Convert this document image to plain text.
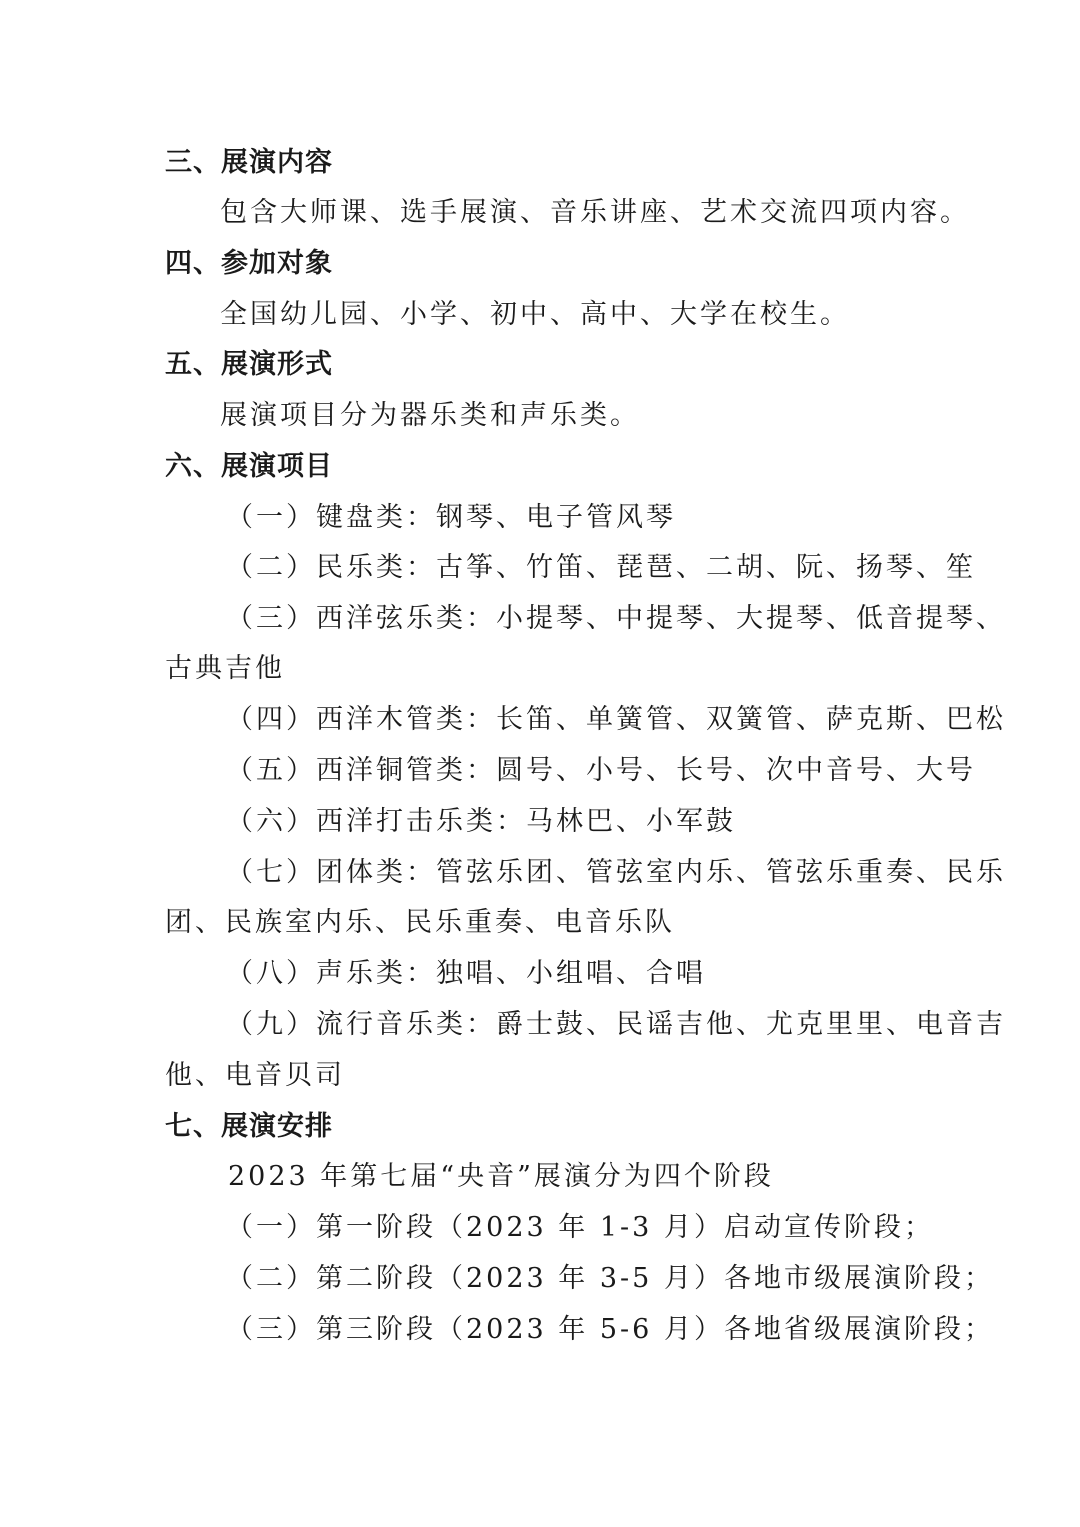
三、展演内容
包含大师课、选手展演、音乐讲座、艺术交流四项内容。
四、参加对象
全国幼儿园、小学、初中、高中、大学在校生。
五、展演形式
展演项目分为器乐类和声乐类。
六、展演项目
（一）键盘类：钢琴、电子管风琴
（二）民乐类：古筝、竹笛、琵琶、二胡、阮、扬琴、笙
（三）西洋弦乐类：小提琴、中提琴、大提琴、低音提琴、
古典吉他
（四）西洋木管类：长笛、单簧管、双簧管、萨克斯、巴松
（五）西洋铜管类：圆号、小号、长号、次中音号、大号
（六）西洋打击乐类：马林巴、小军鼓
（七）团体类：管弦乐团、管弦室内乐、管弦乐重奏、民乐
团、民族室内乐、民乐重奏、电音乐队
（八）声乐类：独唱、小组唱、合唱
（九）流行音乐类：爵士鼓、民谣吉他、尤克里里、电音吉
他、电音贝司
七、展演安排
2023 年第七届“央音”展演分为四个阶段
（一）第一阶段（2023 年 1-3 月）启动宣传阶段；
（二）第二阶段（2023 年 3-5 月）各地市级展演阶段；
（三）第三阶段（2023 年 5-6 月）各地省级展演阶段；
